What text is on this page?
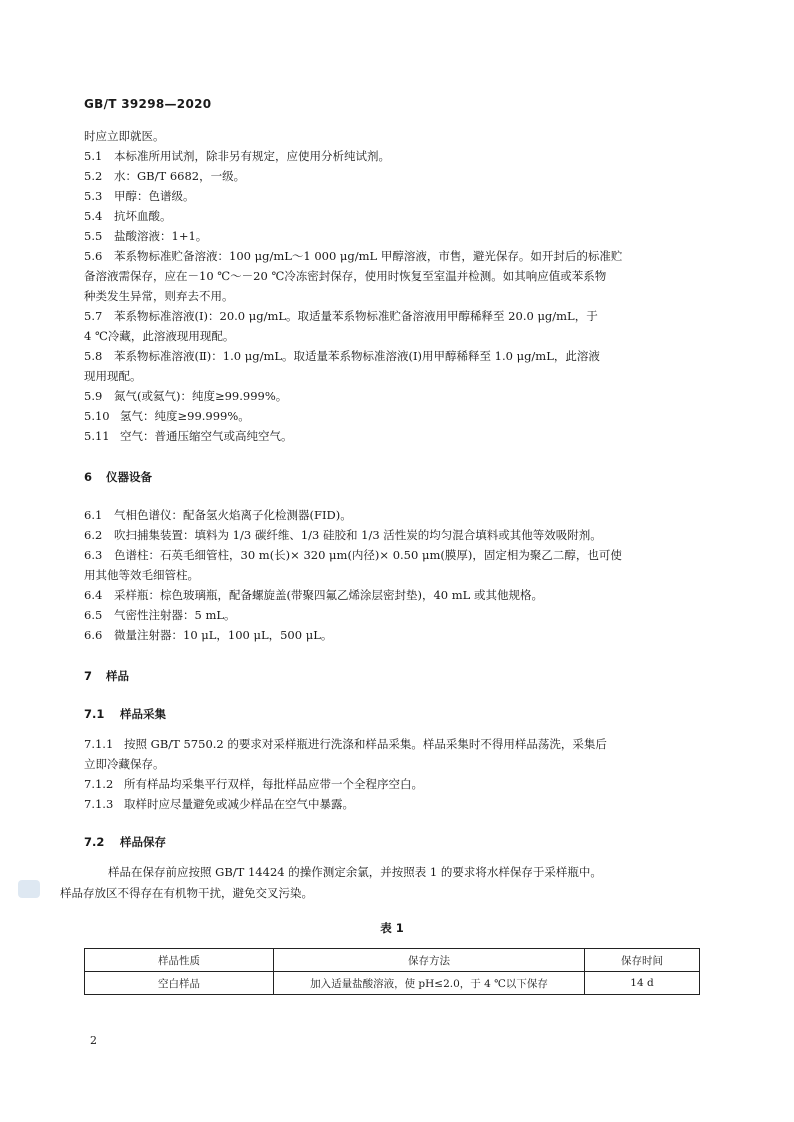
GB/T 39298—2020
时应立即就医。
5.1 本标准所用试剂，除非另有规定，应使用分析纯试剂。
5.2 水：GB/T 6682，一级。
5.3 甲醇：色谱级。
5.4 抗坏血酸。
5.5 盐酸溶液：1+1。
5.6 苯系物标准贮备溶液：100 μg/mL～1 000 μg/mL 甲醇溶液，市售，避光保存。如开封后的标准贮
备溶液需保存，应在－10 ℃～－20 ℃冷冻密封保存，使用时恢复至室温并检测。如其响应值或苯系物
种类发生异常，则弃去不用。
5.7 苯系物标准溶液(Ⅰ)：20.0 μg/mL。取适量苯系物标准贮备溶液用甲醇稀释至 20.0 μg/mL，于
4 ℃冷藏，此溶液现用现配。
5.8 苯系物标准溶液(Ⅱ)：1.0 μg/mL。取适量苯系物标准溶液(Ⅰ)用甲醇稀释至 1.0 μg/mL，此溶液
现用现配。
5.9 氮气(或氦气)：纯度≥99.999%。
5.10 氢气：纯度≥99.999%。
5.11 空气：普通压缩空气或高纯空气。
6 仪器设备
6.1 气相色谱仪：配备氢火焰离子化检测器(FID)。
6.2 吹扫捕集装置：填料为 1/3 碳纤维、1/3 硅胶和 1/3 活性炭的均匀混合填料或其他等效吸附剂。
6.3 色谱柱：石英毛细管柱，30 m(长)× 320 μm(内径)× 0.50 μm(膜厚)，固定相为聚乙二醇，也可使
用其他等效毛细管柱。
6.4 采样瓶：棕色玻璃瓶，配备螺旋盖(带聚四氟乙烯涂层密封垫)，40 mL 或其他规格。
6.5 气密性注射器：5 mL。
6.6 微量注射器：10 μL，100 μL，500 μL。
7 样品
7.1 样品采集
7.1.1 按照 GB/T 5750.2 的要求对采样瓶进行洗涤和样品采集。样品采集时不得用样品荡洗，采集后
立即冷藏保存。
7.1.2 所有样品均采集平行双样，每批样品应带一个全程序空白。
7.1.3 取样时应尽量避免或减少样品在空气中暴露。
7.2 样品保存
样品在保存前应按照 GB/T 14424 的操作测定余氯，并按照表 1 的要求将水样保存于采样瓶中。
样品存放区不得存在有机物干扰，避免交叉污染。
表 1
样品性质	保存方法	保存时间
空白样品	加入适量盐酸溶液，使 pH≤2.0，于 4 ℃以下保存	14 d
2
